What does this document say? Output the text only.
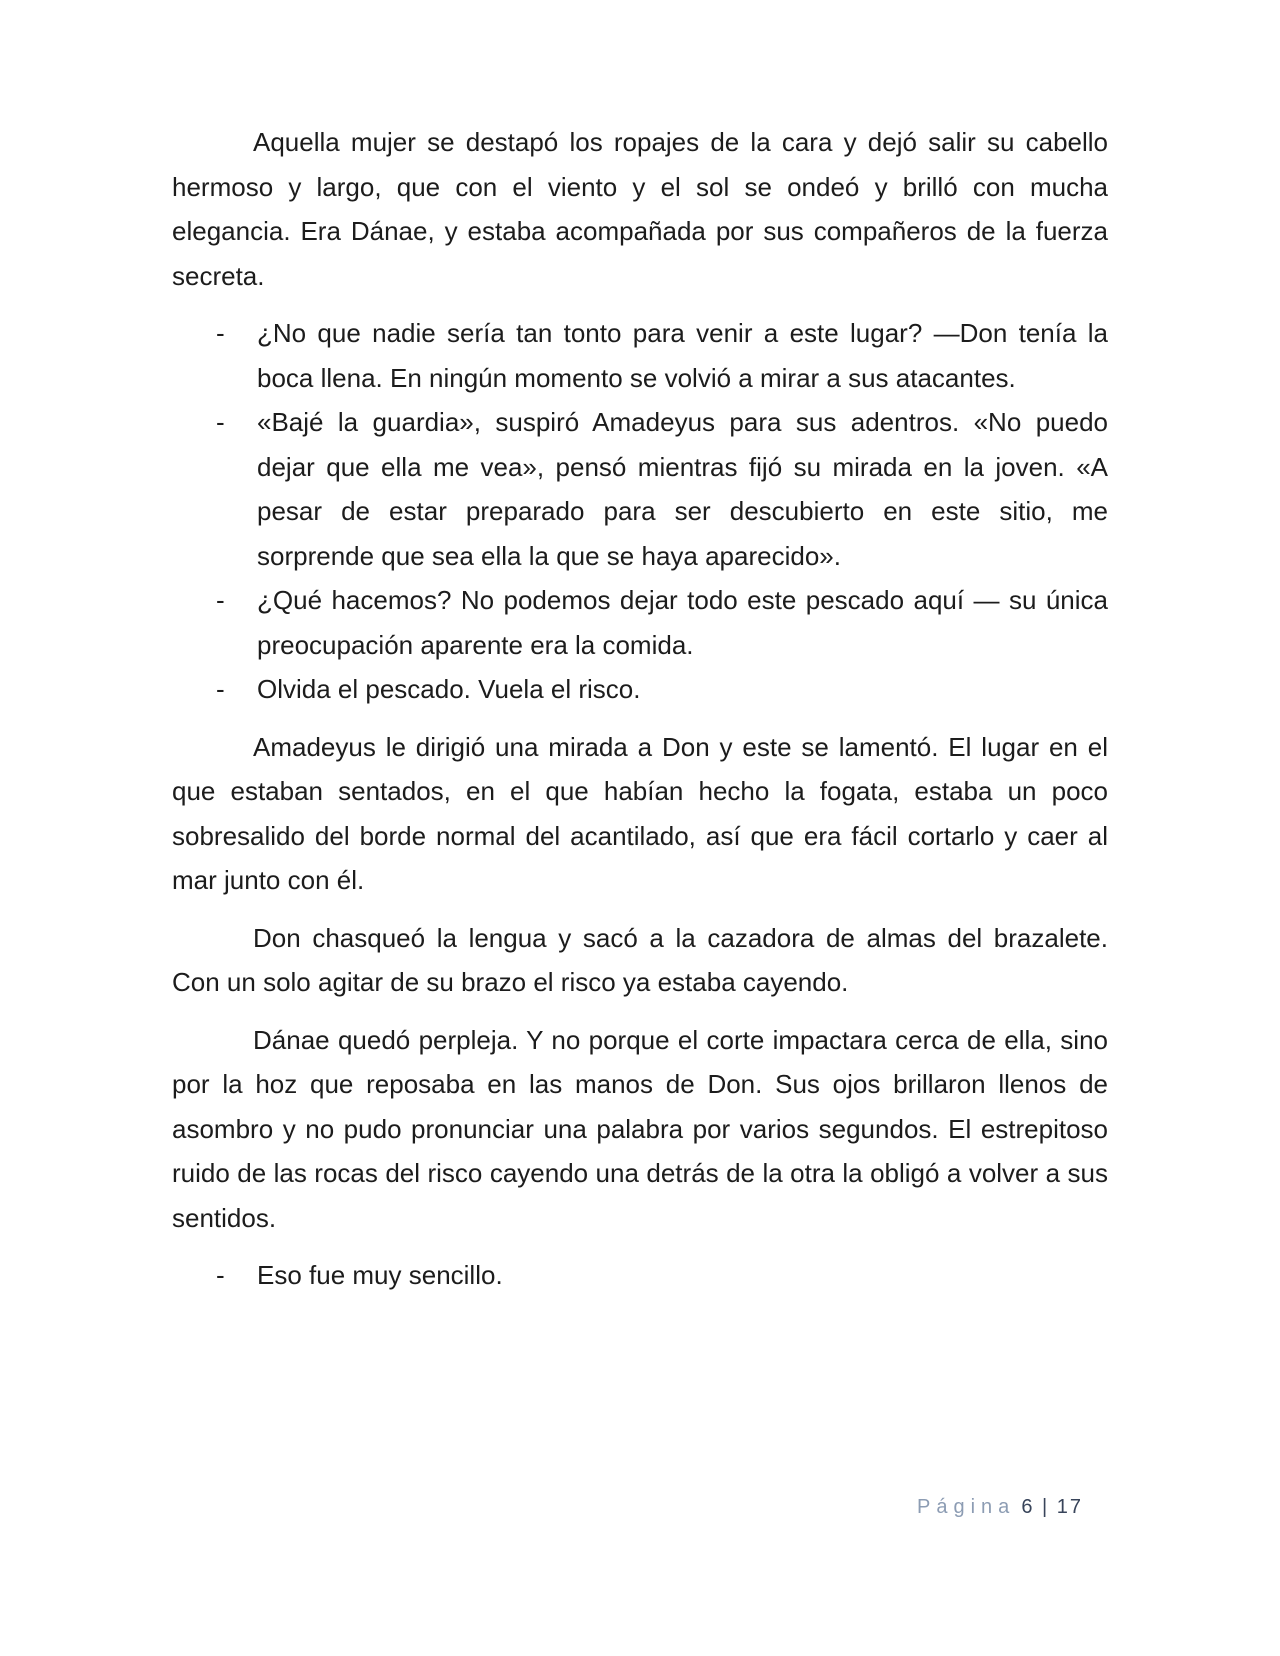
Aquella mujer se destapó los ropajes de la cara y dejó salir su cabello hermoso y largo, que con el viento y el sol se ondeó y brilló con mucha elegancia. Era Dánae, y estaba acompañada por sus compañeros de la fuerza secreta.

- ¿No que nadie sería tan tonto para venir a este lugar? —Don tenía la boca llena. En ningún momento se volvió a mirar a sus atacantes.

- «Bajé la guardia», suspiró Amadeyus para sus adentros. «No puedo dejar que ella me vea», pensó mientras fijó su mirada en la joven. «A pesar de estar preparado para ser descubierto en este sitio, me sorprende que sea ella la que se haya aparecido».

- ¿Qué hacemos? No podemos dejar todo este pescado aquí — su única preocupación aparente era la comida.

- Olvida el pescado. Vuela el risco.

Amadeyus le dirigió una mirada a Don y este se lamentó. El lugar en el que estaban sentados, en el que habían hecho la fogata, estaba un poco sobresalido del borde normal del acantilado, así que era fácil cortarlo y caer al mar junto con él.

Don chasqueó la lengua y sacó a la cazadora de almas del brazalete. Con un solo agitar de su brazo el risco ya estaba cayendo.

Dánae quedó perpleja. Y no porque el corte impactara cerca de ella, sino por la hoz que reposaba en las manos de Don. Sus ojos brillaron llenos de asombro y no pudo pronunciar una palabra por varios segundos. El estrepitoso ruido de las rocas del risco cayendo una detrás de la otra la obligó a volver a sus sentidos.

- Eso fue muy sencillo.

Página 6 | 17
